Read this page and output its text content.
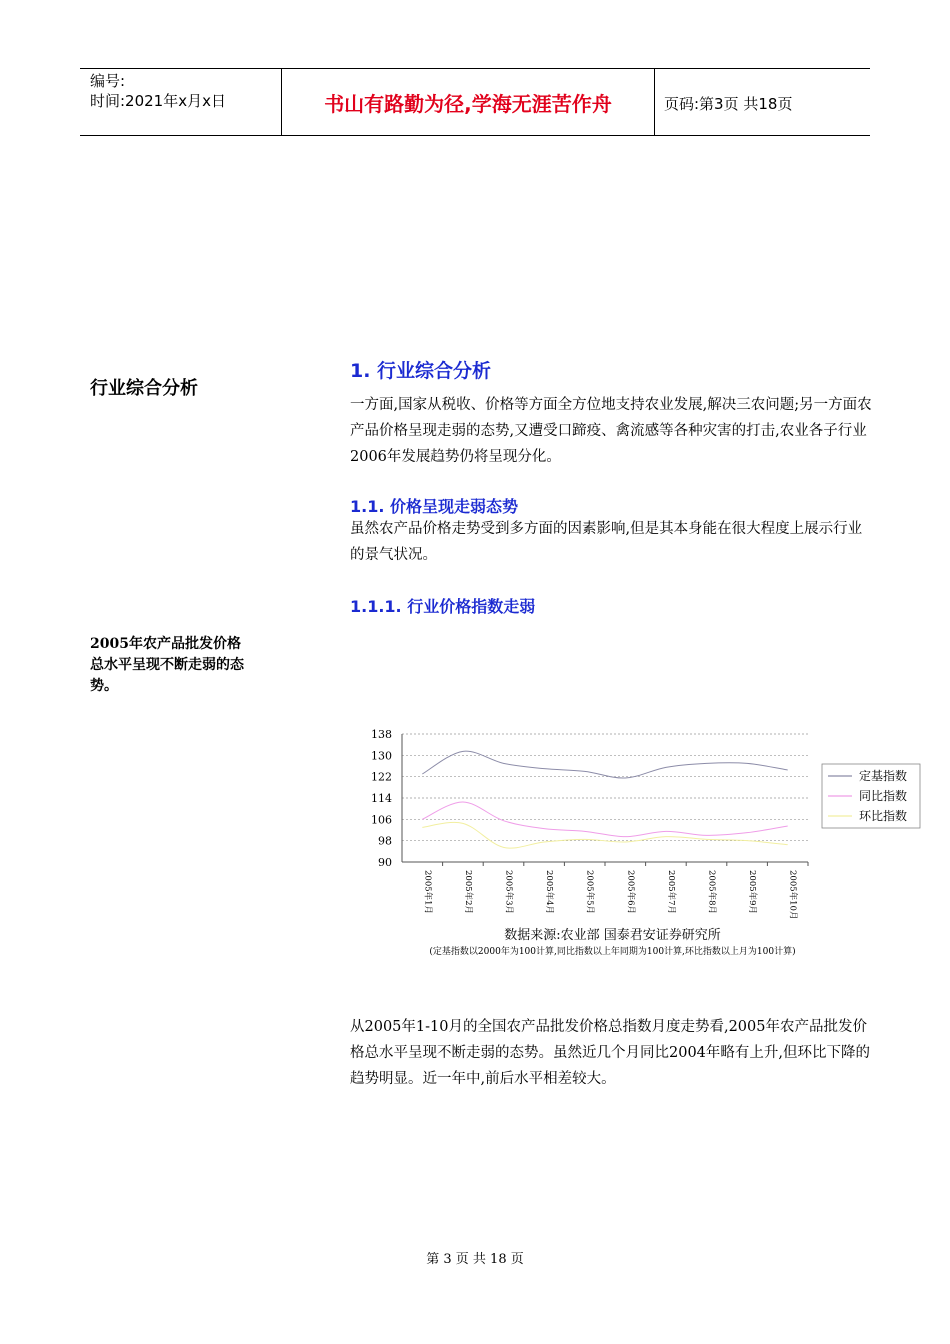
编号:
时间:2021年x月x日	书山有路勤为径,学海无涯苦作舟	页码:第3页 共18页
行业综合分析
2005年农产品批发价格总水平呈现不断走弱的态势。
1. 行业综合分析
一方面,国家从税收、价格等方面全方位地支持农业发展,解决三农问题;另一方面农产品价格呈现走弱的态势,又遭受口蹄疫、禽流感等各种灾害的打击,农业各子行业2006年发展趋势仍将呈现分化。
1.1. 价格呈现走弱态势
虽然农产品价格走势受到多方面的因素影响,但是其本身能在很大程度上展示行业的景气状况。
1.1.1. 行业价格指数走弱
90
98
106
114
122
130
138
2005年1月	2005年2月	2005年3月	2005年4月	2005年5月	2005年6月	2005年7月	2005年8月	2005年9月	2005年10月
定基指数
同比指数
环比指数
数据来源:农业部 国泰君安证券研究所
(定基指数以2000年为100计算,同比指数以上年同期为100计算,环比指数以上月为100计算)
从2005年1-10月的全国农产品批发价格总指数月度走势看,2005年农产品批发价格总水平呈现不断走弱的态势。虽然近几个月同比2004年略有上升,但环比下降的趋势明显。近一年中,前后水平相差较大。
第 3 页 共 18 页
